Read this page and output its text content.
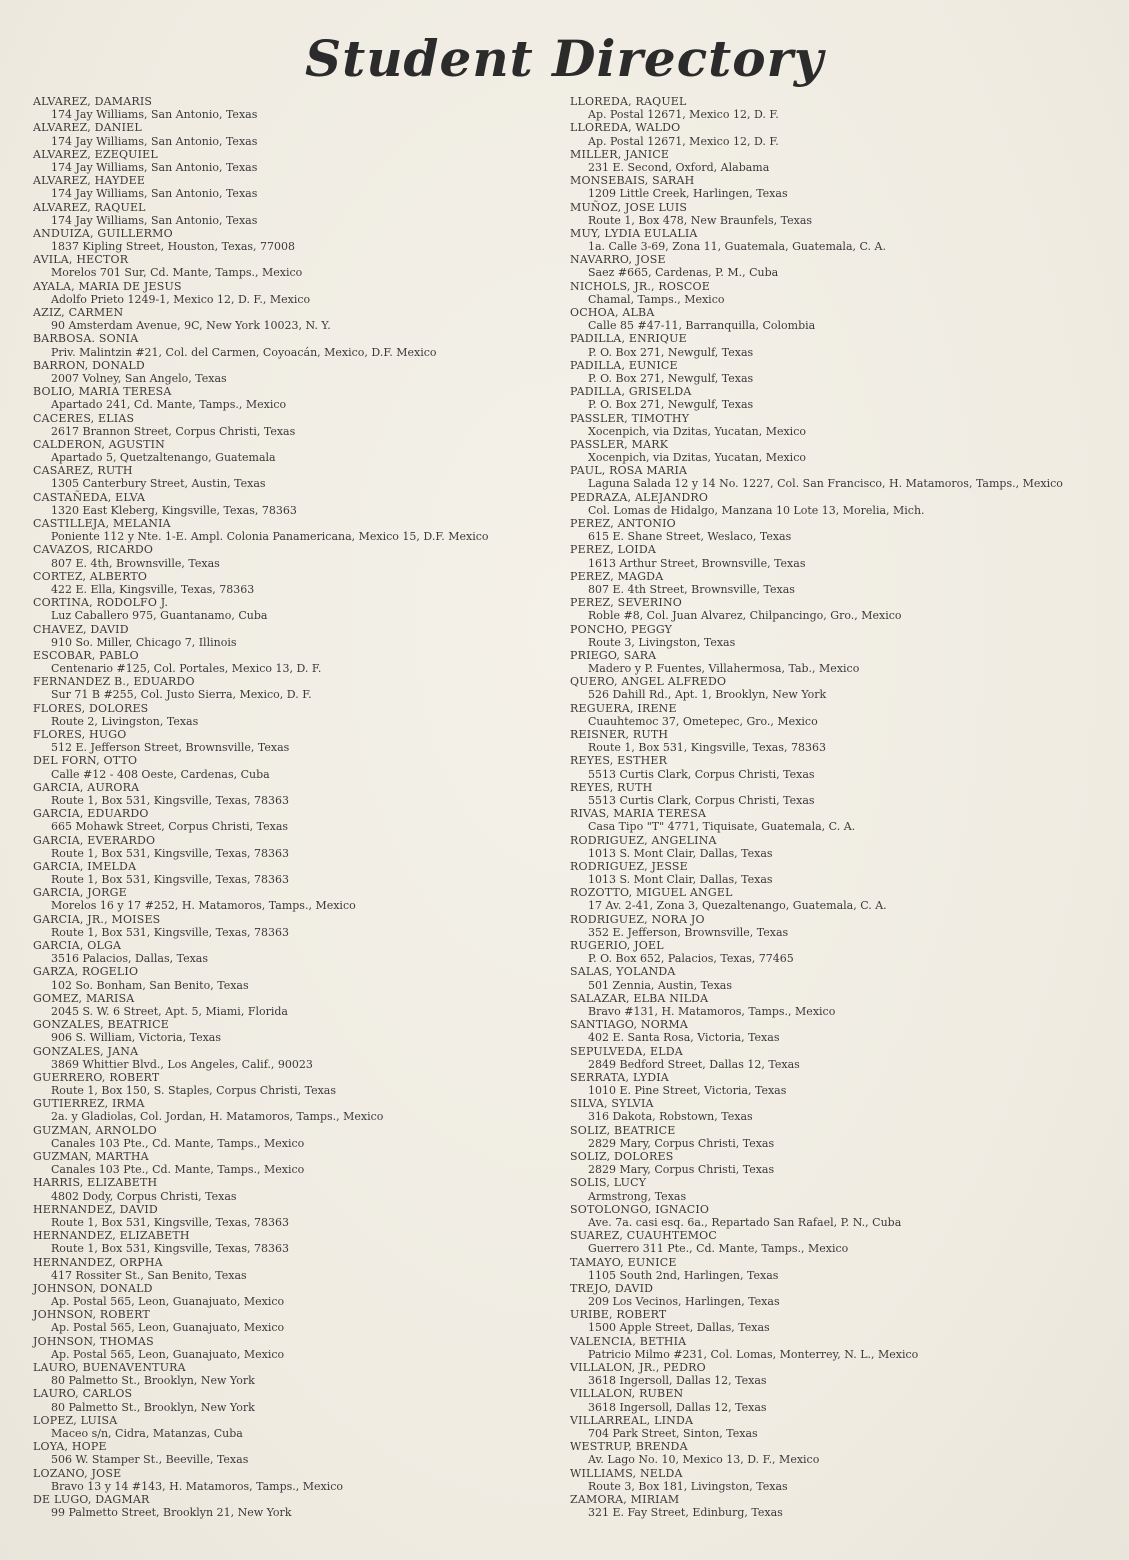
Student Directory
ALVAREZ, DAMARIS
174 Jay Williams, San Antonio, Texas
ALVAREZ, DANIEL
174 Jay Williams, San Antonio, Texas
ALVAREZ, EZEQUIEL
174 Jay Williams, San Antonio, Texas
ALVAREZ, HAYDEE
174 Jay Williams, San Antonio, Texas
ALVAREZ, RAQUEL
174 Jay Williams, San Antonio, Texas
ANDUIZA, GUILLERMO
1837 Kipling Street, Houston, Texas, 77008
AVILA, HECTOR
Morelos 701 Sur, Cd. Mante, Tamps., Mexico
AYALA, MARIA DE JESUS
Adolfo Prieto 1249-1, Mexico 12, D. F., Mexico
AZIZ, CARMEN
90 Amsterdam Avenue, 9C, New York 10023, N. Y.
BARBOSA. SONIA
Priv. Malintzin #21, Col. del Carmen, Coyoacán, Mexico, D.F. Mexico
BARRON, DONALD
2007 Volney, San Angelo, Texas
BOLIO, MARIA TERESA
Apartado 241, Cd. Mante, Tamps., Mexico
CACERES, ELIAS
2617 Brannon Street, Corpus Christi, Texas
CALDERON, AGUSTIN
Apartado 5, Quetzaltenango, Guatemala
CASAREZ, RUTH
1305 Canterbury Street, Austin, Texas
CASTAÑEDA, ELVA
1320 East Kleberg, Kingsville, Texas, 78363
CASTILLEJA, MELANIA
Poniente 112 y Nte. 1-E. Ampl. Colonia Panamericana, Mexico 15, D.F. Mexico
CAVAZOS, RICARDO
807 E. 4th, Brownsville, Texas
CORTEZ, ALBERTO
422 E. Ella, Kingsville, Texas, 78363
CORTINA, RODOLFO J.
Luz Caballero 975, Guantanamo, Cuba
CHAVEZ, DAVID
910 So. Miller, Chicago 7, Illinois
ESCOBAR, PABLO
Centenario #125, Col. Portales, Mexico 13, D. F.
FERNANDEZ B., EDUARDO
Sur 71 B #255, Col. Justo Sierra, Mexico, D. F.
FLORES, DOLORES
Route 2, Livingston, Texas
FLORES, HUGO
512 E. Jefferson Street, Brownsville, Texas
DEL FORN, OTTO
Calle #12 - 408 Oeste, Cardenas, Cuba
GARCIA, AURORA
Route 1, Box 531, Kingsville, Texas, 78363
GARCIA, EDUARDO
665 Mohawk Street, Corpus Christi, Texas
GARCIA, EVERARDO
Route 1, Box 531, Kingsville, Texas, 78363
GARCIA, IMELDA
Route 1, Box 531, Kingsville, Texas, 78363
GARCIA, JORGE
Morelos 16 y 17 #252, H. Matamoros, Tamps., Mexico
GARCIA, JR., MOISES
Route 1, Box 531, Kingsville, Texas, 78363
GARCIA, OLGA
3516 Palacios, Dallas, Texas
GARZA, ROGELIO
102 So. Bonham, San Benito, Texas
GOMEZ, MARISA
2045 S. W. 6 Street, Apt. 5, Miami, Florida
GONZALES, BEATRICE
906 S. William, Victoria, Texas
GONZALES, JANA
3869 Whittier Blvd., Los Angeles, Calif., 90023
GUERRERO, ROBERT
Route 1, Box 150, S. Staples, Corpus Christi, Texas
GUTIERREZ, IRMA
2a. y Gladiolas, Col. Jordan, H. Matamoros, Tamps., Mexico
GUZMAN, ARNOLDO
Canales 103 Pte., Cd. Mante, Tamps., Mexico
GUZMAN, MARTHA
Canales 103 Pte., Cd. Mante, Tamps., Mexico
HARRIS, ELIZABETH
4802 Dody, Corpus Christi, Texas
HERNANDEZ, DAVID
Route 1, Box 531, Kingsville, Texas, 78363
HERNANDEZ, ELIZABETH
Route 1, Box 531, Kingsville, Texas, 78363
HERNANDEZ, ORPHA
417 Rossiter St., San Benito, Texas
JOHNSON, DONALD
Ap. Postal 565, Leon, Guanajuato, Mexico
JOHNSON, ROBERT
Ap. Postal 565, Leon, Guanajuato, Mexico
JOHNSON, THOMAS
Ap. Postal 565, Leon, Guanajuato, Mexico
LAURO, BUENAVENTURA
80 Palmetto St., Brooklyn, New York
LAURO, CARLOS
80 Palmetto St., Brooklyn, New York
LOPEZ, LUISA
Maceo s/n, Cidra, Matanzas, Cuba
LOYA, HOPE
506 W. Stamper St., Beeville, Texas
LOZANO, JOSE
Bravo 13 y 14 #143, H. Matamoros, Tamps., Mexico
DE LUGO, DAGMAR
99 Palmetto Street, Brooklyn 21, New York
LLOREDA, RAQUEL
Ap. Postal 12671, Mexico 12, D. F.
LLOREDA, WALDO
Ap. Postal 12671, Mexico 12, D. F.
MILLER, JANICE
231 E. Second, Oxford, Alabama
MONSEBAIS, SARAH
1209 Little Creek, Harlingen, Texas
MUÑOZ, JOSE LUIS
Route 1, Box 478, New Braunfels, Texas
MUY, LYDIA EULALIA
1a. Calle 3-69, Zona 11, Guatemala, Guatemala, C. A.
NAVARRO, JOSE
Saez #665, Cardenas, P. M., Cuba
NICHOLS, JR., ROSCOE
Chamal, Tamps., Mexico
OCHOA, ALBA
Calle 85 #47-11, Barranquilla, Colombia
PADILLA, ENRIQUE
P. O. Box 271, Newgulf, Texas
PADILLA, EUNICE
P. O. Box 271, Newgulf, Texas
PADILLA, GRISELDA
P. O. Box 271, Newgulf, Texas
PASSLER, TIMOTHY
Xocenpich, via Dzitas, Yucatan, Mexico
PASSLER, MARK
Xocenpich, via Dzitas, Yucatan, Mexico
PAUL, ROSA MARIA
Laguna Salada 12 y 14 No. 1227, Col. San Francisco, H. Matamoros, Tamps., Mexico
PEDRAZA, ALEJANDRO
Col. Lomas de Hidalgo, Manzana 10 Lote 13, Morelia, Mich.
PEREZ, ANTONIO
615 E. Shane Street, Weslaco, Texas
PEREZ, LOIDA
1613 Arthur Street, Brownsville, Texas
PEREZ, MAGDA
807 E. 4th Street, Brownsville, Texas
PEREZ, SEVERINO
Roble #8, Col. Juan Alvarez, Chilpancingo, Gro., Mexico
PONCHO, PEGGY
Route 3, Livingston, Texas
PRIEGO, SARA
Madero y P. Fuentes, Villahermosa, Tab., Mexico
QUERO, ANGEL ALFREDO
526 Dahill Rd., Apt. 1, Brooklyn, New York
REGUERA, IRENE
Cuauhtemoc 37, Ometepec, Gro., Mexico
REISNER, RUTH
Route 1, Box 531, Kingsville, Texas, 78363
REYES, ESTHER
5513 Curtis Clark, Corpus Christi, Texas
REYES, RUTH
5513 Curtis Clark, Corpus Christi, Texas
RIVAS, MARIA TERESA
Casa Tipo "T" 4771, Tiquisate, Guatemala, C. A.
RODRIGUEZ, ANGELINA
1013 S. Mont Clair, Dallas, Texas
RODRIGUEZ, JESSE
1013 S. Mont Clair, Dallas, Texas
ROZOTTO, MIGUEL ANGEL
17 Av. 2-41, Zona 3, Quezaltenango, Guatemala, C. A.
RODRIGUEZ, NORA JO
352 E. Jefferson, Brownsville, Texas
RUGERIO, JOEL
P. O. Box 652, Palacios, Texas, 77465
SALAS, YOLANDA
501 Zennia, Austin, Texas
SALAZAR, ELBA NILDA
Bravo #131, H. Matamoros, Tamps., Mexico
SANTIAGO, NORMA
402 E. Santa Rosa, Victoria, Texas
SEPULVEDA, ELDA
2849 Bedford Street, Dallas 12, Texas
SERRATA, LYDIA
1010 E. Pine Street, Victoria, Texas
SILVA, SYLVIA
316 Dakota, Robstown, Texas
SOLIZ, BEATRICE
2829 Mary, Corpus Christi, Texas
SOLIZ, DOLORES
2829 Mary, Corpus Christi, Texas
SOLIS, LUCY
Armstrong, Texas
SOTOLONGO, IGNACIO
Ave. 7a. casi esq. 6a., Repartado San Rafael, P. N., Cuba
SUAREZ, CUAUHTEMOC
Guerrero 311 Pte., Cd. Mante, Tamps., Mexico
TAMAYO, EUNICE
1105 South 2nd, Harlingen, Texas
TREJO, DAVID
209 Los Vecinos, Harlingen, Texas
URIBE, ROBERT
1500 Apple Street, Dallas, Texas
VALENCIA, BETHIA
Patricio Milmo #231, Col. Lomas, Monterrey, N. L., Mexico
VILLALON, JR., PEDRO
3618 Ingersoll, Dallas 12, Texas
VILLALON, RUBEN
3618 Ingersoll, Dallas 12, Texas
VILLARREAL, LINDA
704 Park Street, Sinton, Texas
WESTRUP, BRENDA
Av. Lago No. 10, Mexico 13, D. F., Mexico
WILLIAMS, NELDA
Route 3, Box 181, Livingston, Texas
ZAMORA, MIRIAM
321 E. Fay Street, Edinburg, Texas
